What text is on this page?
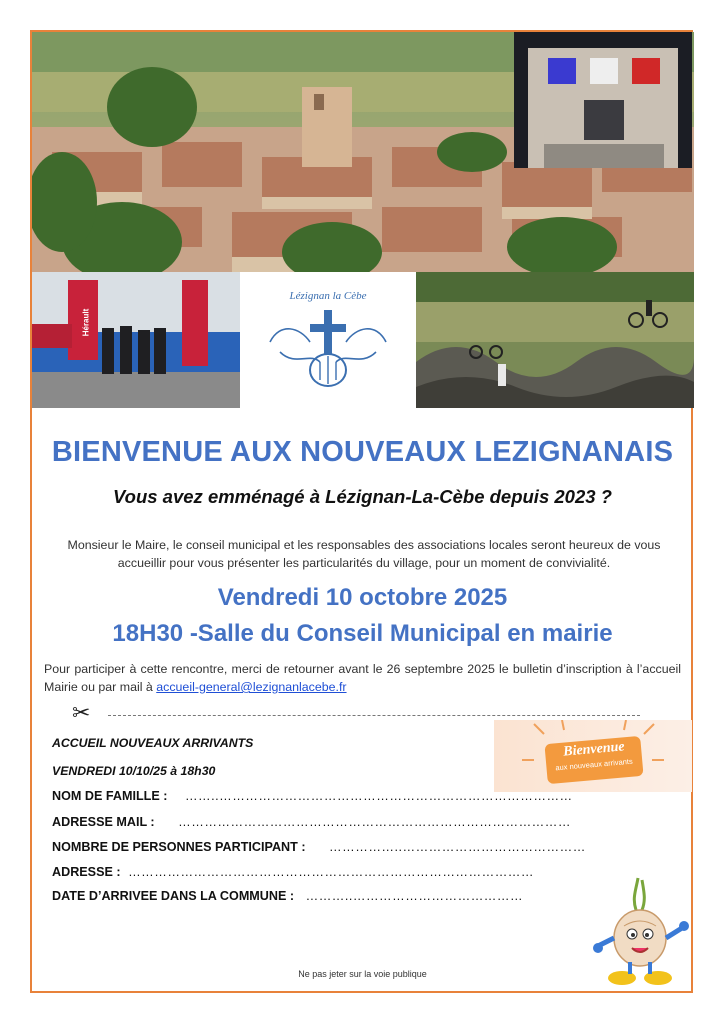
Hérault
Lézignan la Cèbe
BIENVENUE AUX NOUVEAUX LEZIGNANAIS
Vous avez emménagé à Lézignan-La-Cèbe depuis 2023 ?
Monsieur le Maire, le conseil municipal et les responsables des associations locales seront heureux de vous accueillir pour vous présenter les particularités du village, pour un moment de convivialité.
Vendredi 10 octobre 2025
18H30 -Salle du Conseil Municipal en mairie
Pour participer à cette rencontre, merci de retourner avant le 26 septembre 2025 le bulletin d’inscription à l’accueil Mairie ou par mail à accueil-general@lezignanlacebe.fr
✂
Bienvenue
aux nouveaux arrivants
ACCUEIL NOUVEAUX ARRIVANTS
VENDREDI 10/10/25 à 18h30
NOM DE FAMILLE : ……..………………………………………………………………………
ADRESSE MAIL : ………………………………………………………………………………
NOMBRE DE PERSONNES PARTICIPANT : ……………..……………………………………
ADRESSE : …………………………………………………………………………………
DATE D’ARRIVEE DANS LA COMMUNE : ………..…………………………………
Ne pas jeter sur la voie publique
